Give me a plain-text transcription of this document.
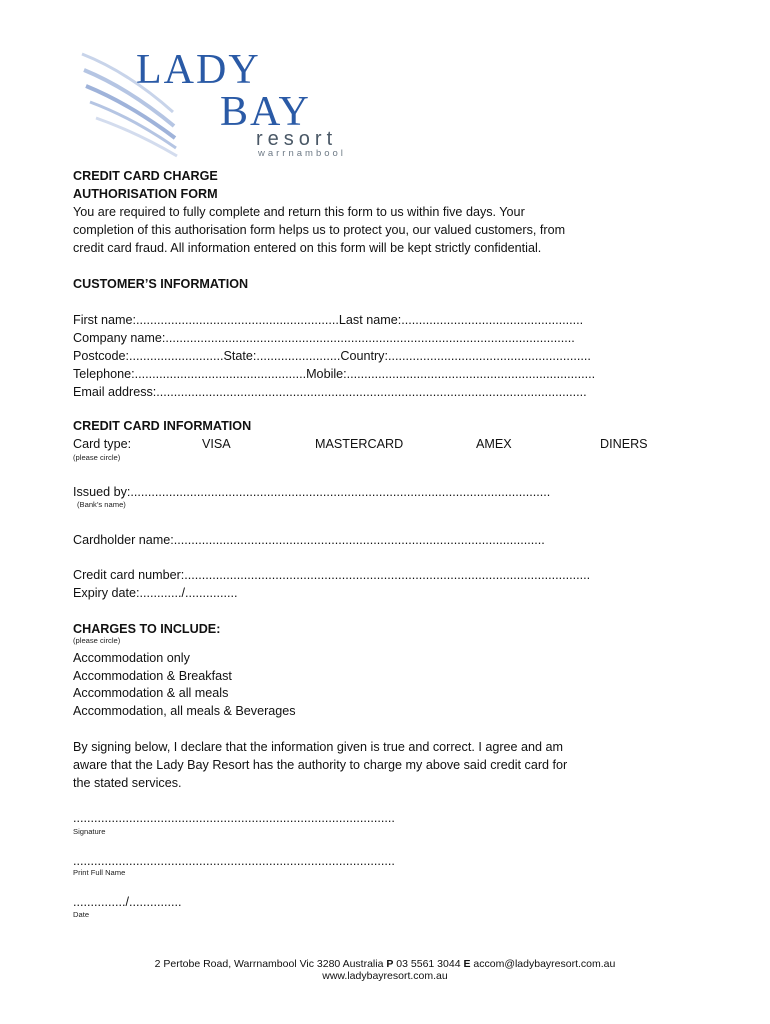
LADY
BAY
resort
warrnambool
CREDIT CARD CHARGE
AUTHORISATION FORM
You are required to fully complete and return this form to us within five days. Your
completion of this authorisation form helps us to protect you, our valued customers, from
credit card fraud. All information entered on this form will be kept strictly confidential.
CUSTOMER’S INFORMATION
First name:..........................................................Last name:....................................................
Company name:.....................................................................................................................
Postcode:...........................State:........................Country:..........................................................
Telephone:.................................................Mobile:.......................................................................
Email address:...........................................................................................................................
CREDIT CARD INFORMATION
Card type:	VISA	MASTERCARD	AMEX	DINERS
(please circle)
Issued by:........................................................................................................................
(Bank’s name)
Cardholder name:..........................................................................................................
Credit card number:....................................................................................................................
Expiry date:............/...............
CHARGES TO INCLUDE:
(please circle)
Accommodation only
Accommodation & Breakfast
Accommodation & all meals
Accommodation, all meals & Beverages
By signing below, I declare that the information given is true and correct. I agree and am
aware that the Lady Bay Resort has the authority to charge my above said credit card for
the stated services.
............................................................................................
Signature
............................................................................................
Print Full Name
.............../...............
Date
2 Pertobe Road, Warrnambool Vic 3280 Australia P 03 5561 3044 E accom@ladybayresort.com.au
www.ladybayresort.com.au
